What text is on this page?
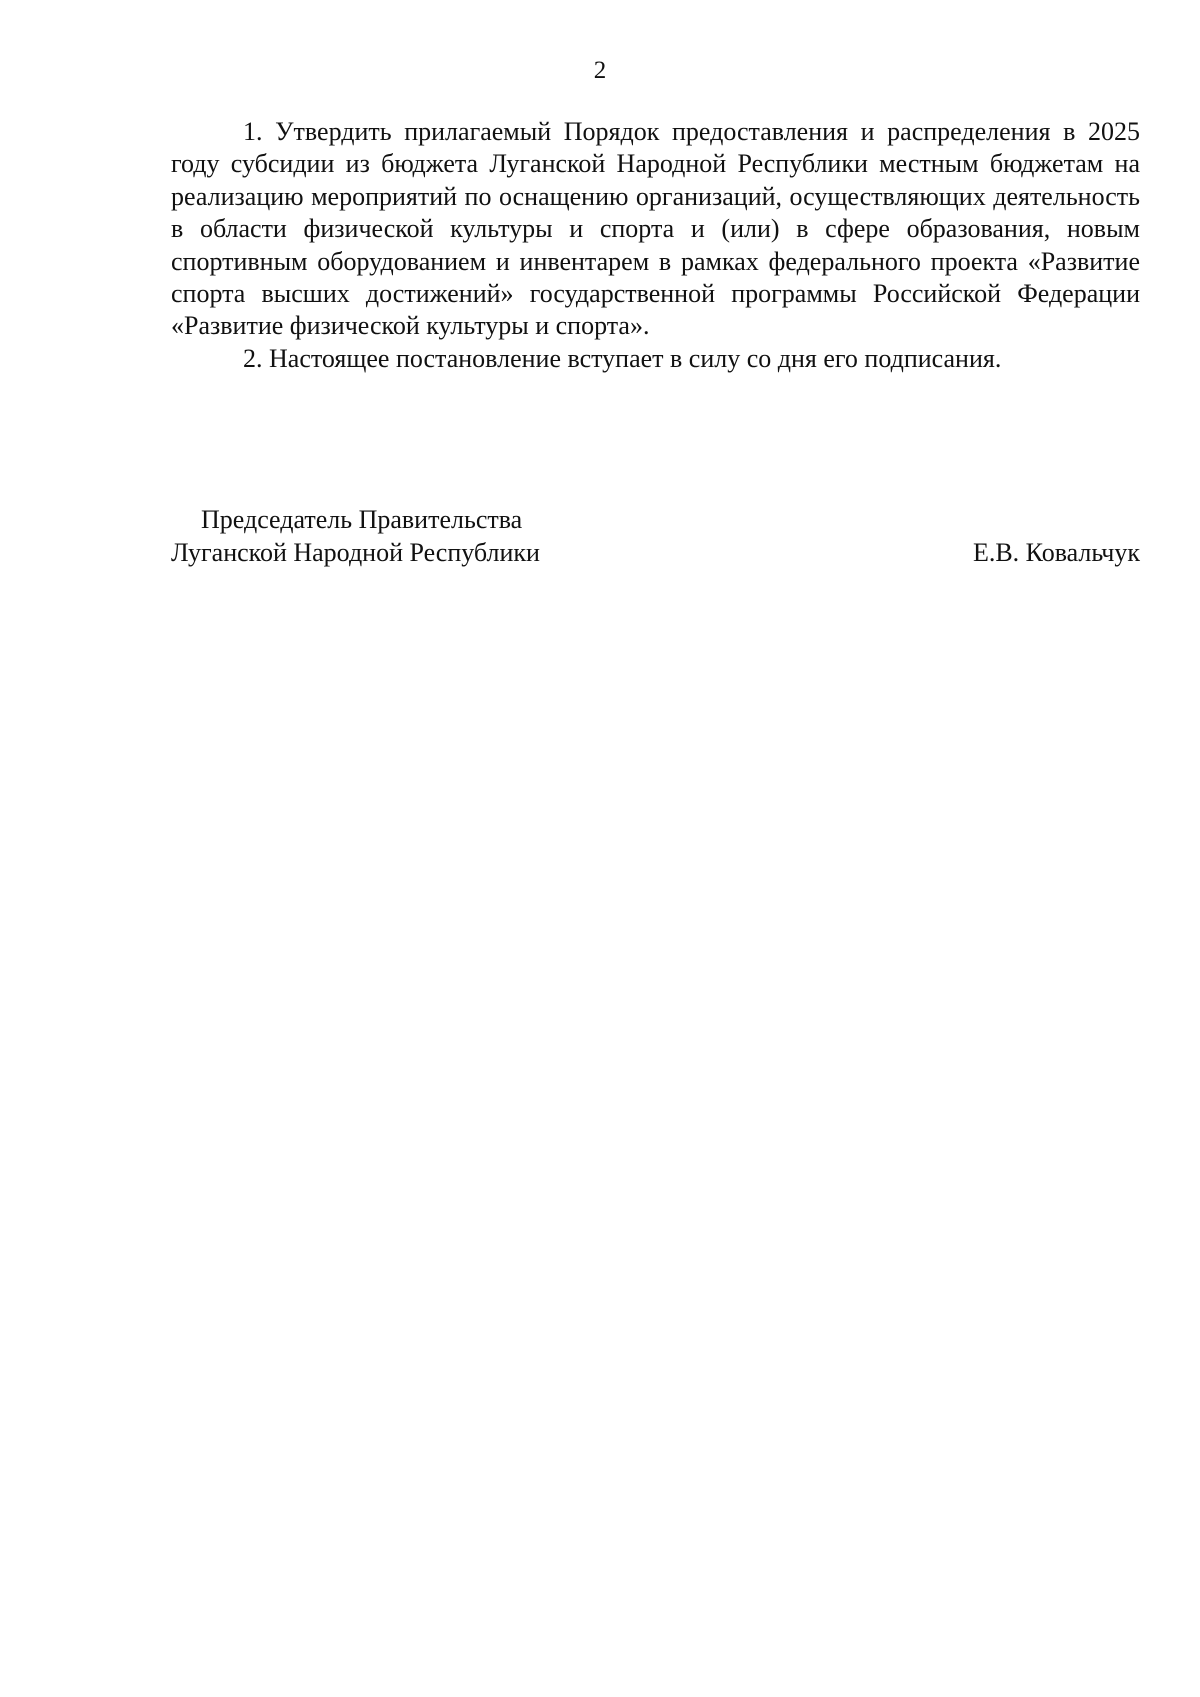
2

1. Утвердить прилагаемый Порядок предоставления и распределения в 2025 году субсидии из бюджета Луганской Народной Республики местным бюджетам на реализацию мероприятий по оснащению организаций, осуществляющих деятельность в области физической культуры и спорта и (или) в сфере образования, новым спортивным оборудованием и инвентарем в рамках федерального проекта «Развитие спорта высших достижений» государственной программы Российской Федерации «Развитие физической культуры и спорта».

2. Настоящее постановление вступает в силу со дня его подписания.

Председатель Правительства
Луганской Народной Республики	Е.В. Ковальчук
